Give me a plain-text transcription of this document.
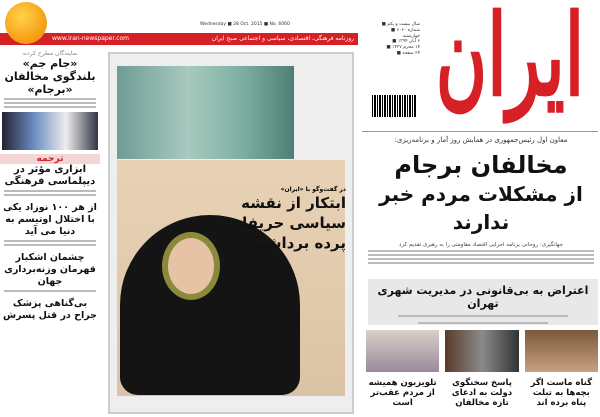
www.iran-newspaper.com	روزنامه فرهنگی، اقتصادی، سیاسی و اجتماعی صبح ایران
Wednesday ■ 28 Oct. 2015 ■ No. 6060 ایران
سال بیست و یکم ■
شماره ۶۰۶۰ ■
چهارشنبه
۶ آبان ۱۳۹۴ ■
۱۴ محرم ۱۴۳۷ ■
۲۴ صفحه ■
نمایندگان مطرح کردند
«جام جم» بلندگوی مخالفان «برجام»
ترجمه
ابزاری مؤثر در دیپلماسی فرهنگی
از هر ۱۰۰ نوزاد یکی با اختلال اوتیسم به دنیا می آید
چشمان اشکبار قهرمان وزنه‌برداری جهان
بی‌گناهی پزشک جراح در قتل پسرش
در گفت‌وگو با «ایران»
ابتکار از نقشه سیاسی حریفان پرده برداشت
معاون اول رئیس‌جمهوری در همایش روز آمار و برنامه‌ریزی:
مخالفان برجام
از مشکلات مردم خبر ندارند
جهانگیری: روحانی برنامه اجرایی اقتصاد مقاومتی را به رهبری تقدیم کرد
اعتراض به بی‌قانونی در مدیریت شهری تهران
گناه ماست اگر بچه‌ها به تبلت پناه برده اند
پاسخ سخنگوی دولت به ادعای تازه مخالفان
تلویزیون همیشه از مردم عقب‌تر است
